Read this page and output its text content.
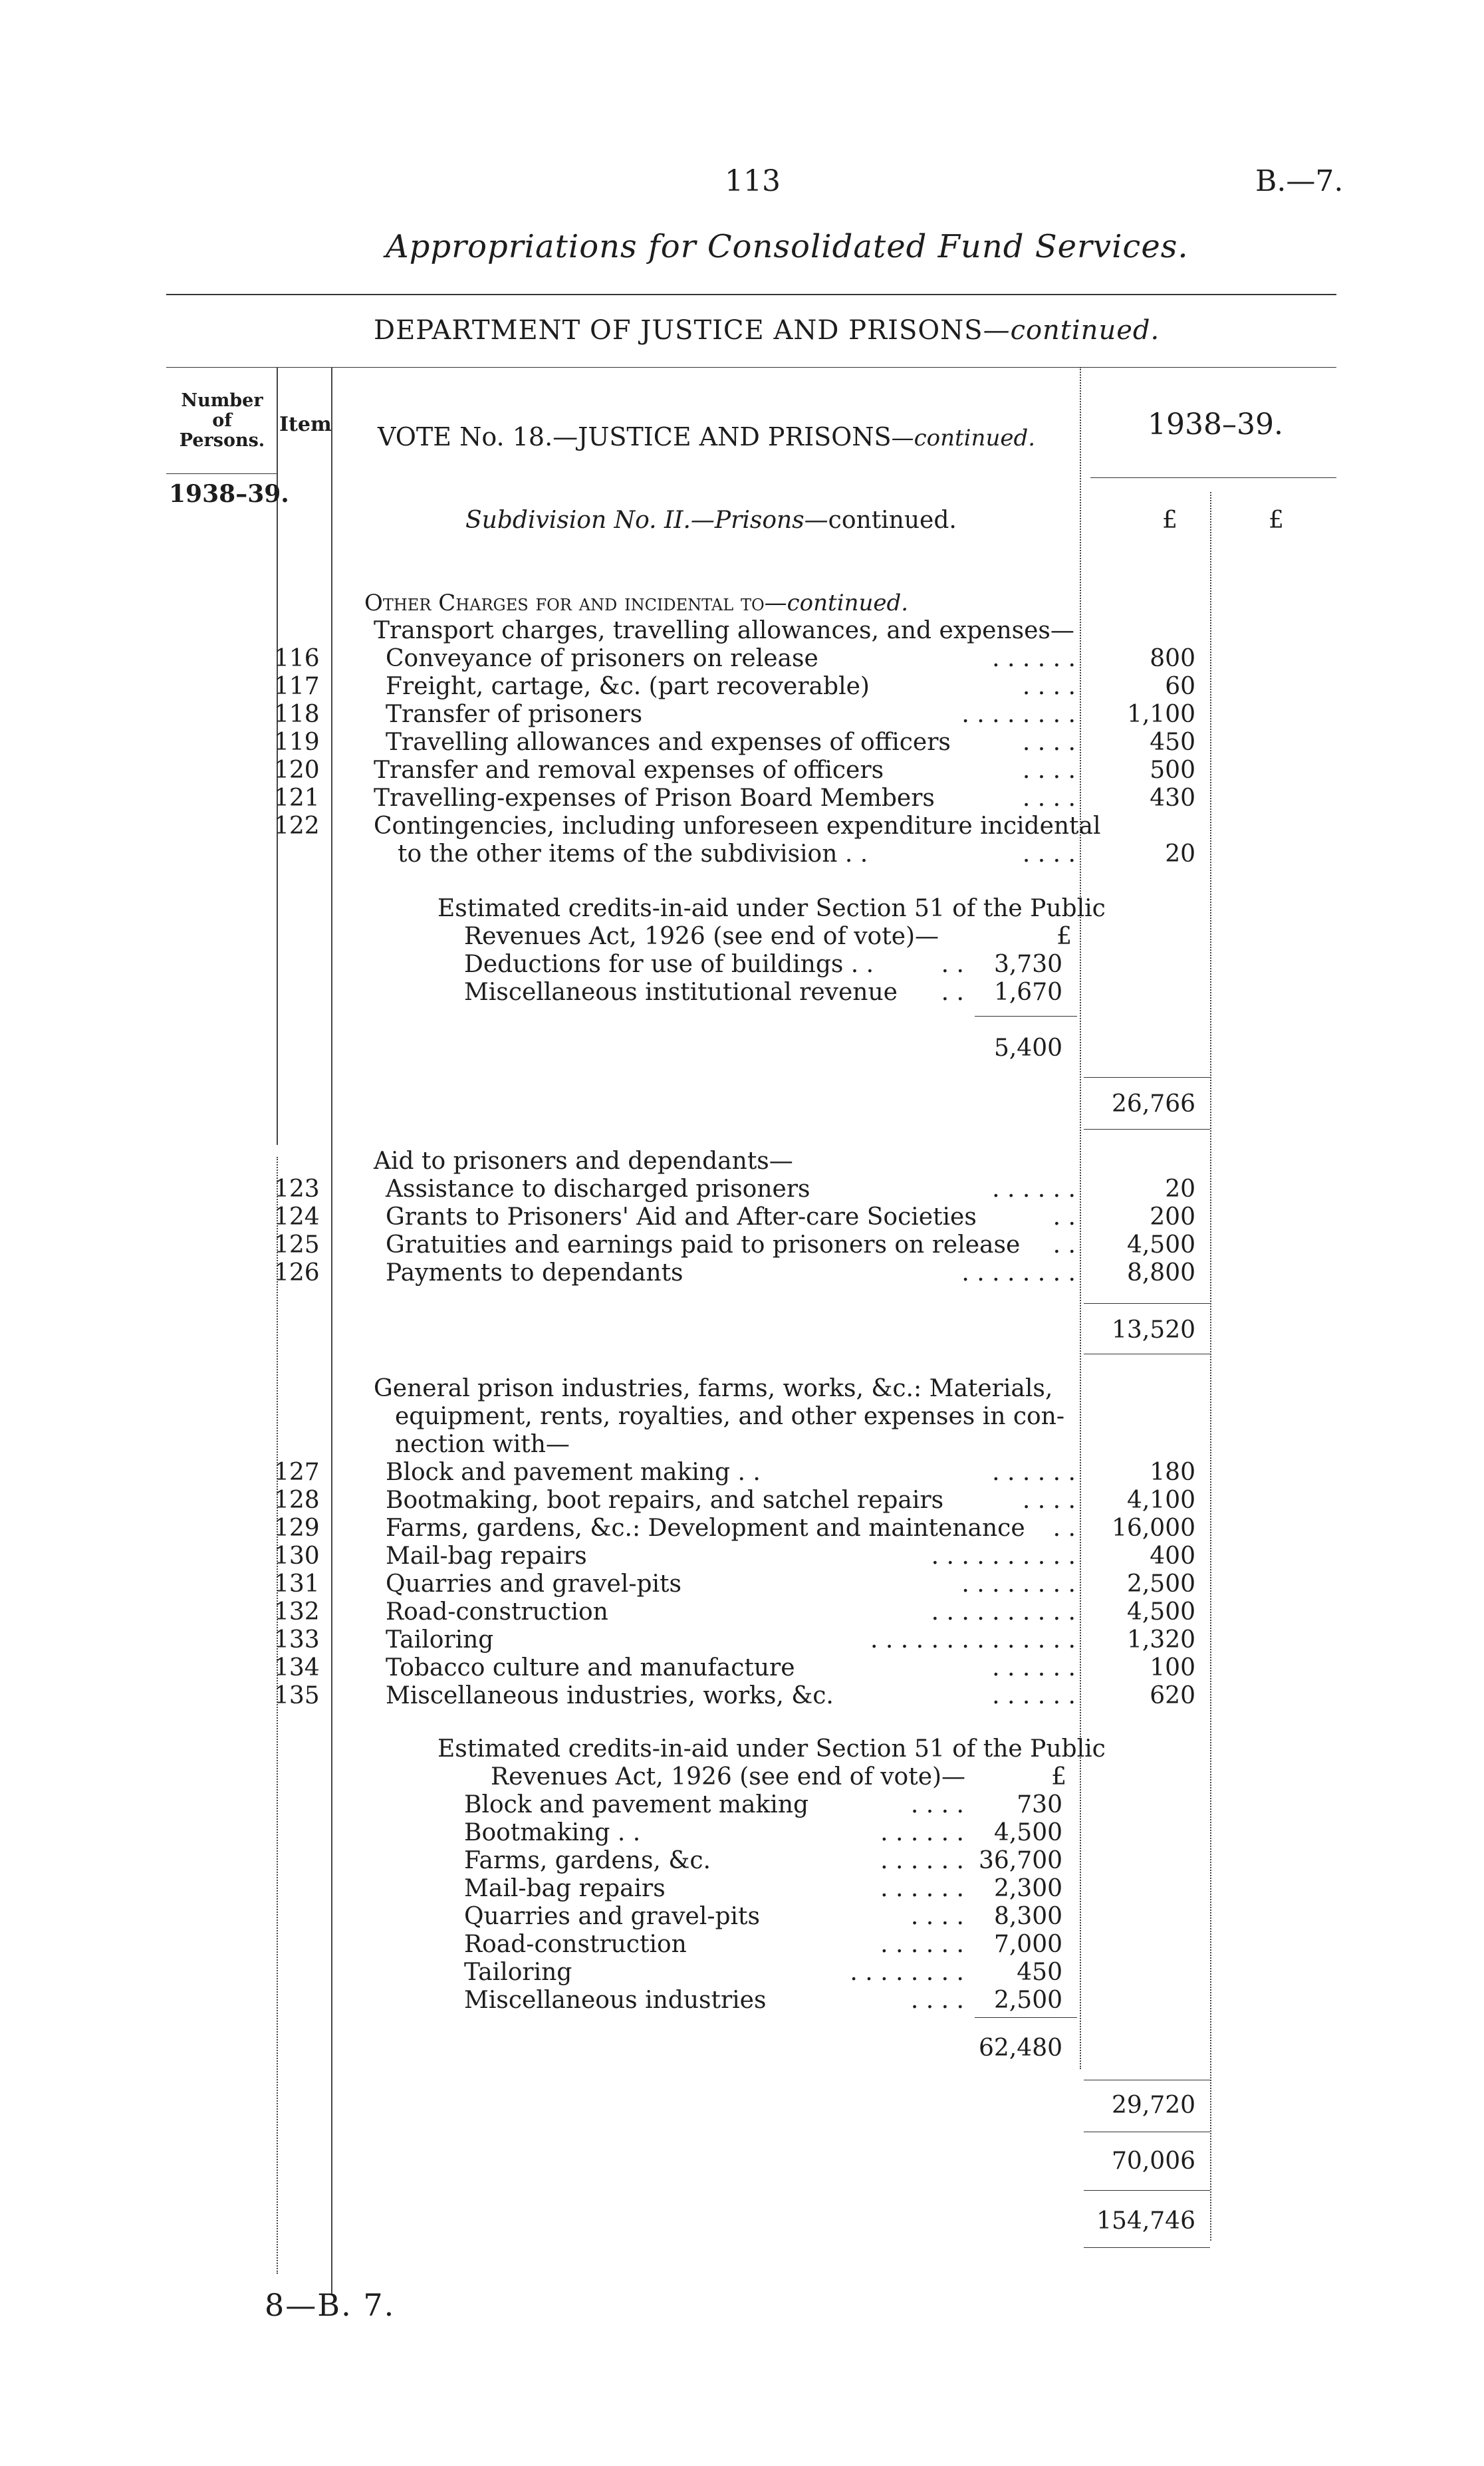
113	B.—7.
Appropriations for Consolidated Fund Services.
DEPARTMENT OF JUSTICE AND PRISONS—continued.
Number
of
Persons.
Item VOTE No. 18.—JUSTICE AND PRISONS—continued.	1938–39.
1938–39.
£	£
Subdivision No. II.—Prisons—continued.
Other Charges for and incidental to—continued.
Transport charges, travelling allowances, and expenses—
116	Conveyance of prisoners on release	. . . . . .	800
117	Freight, cartage, &c. (part recoverable)	. . . .	60
118	Transfer of prisoners	. . . . . . . .	1,100
119	Travelling allowances and expenses of officers	. . . .	450
120 Transfer and removal expenses of officers	. . . .	500
121 Travelling-expenses of Prison Board Members	. . . .	430
122 Contingencies, including unforeseen expenditure incidental
to the other items of the subdivision . .	. . . .	20
Estimated credits-in-aid under Section 51 of the Public
Revenues Act, 1926 (see end of vote)—	£
Deductions for use of buildings . .	. .	3,730
Miscellaneous institutional revenue	. .	1,670
5,400
26,766
Aid to prisoners and dependants—
123	Assistance to discharged prisoners	. . . . . .	20
124	Grants to Prisoners' Aid and After-care Societies	. .	200
125	Gratuities and earnings paid to prisoners on release	. .	4,500
126	Payments to dependants	. . . . . . . .	8,800
13,520
General prison industries, farms, works, &c.: Materials,
equipment, rents, royalties, and other expenses in con-
nection with—
127	Block and pavement making . .	. . . . . .	180
128	Bootmaking, boot repairs, and satchel repairs	. . . .	4,100
129	Farms, gardens, &c.: Development and maintenance	. .	16,000
130	Mail-bag repairs	. . . . . . . . . .	400
131	Quarries and gravel-pits	. . . . . . . .	2,500
132	Road-construction	. . . . . . . . . .	4,500
133	Tailoring	. . . . . . . . . . . . . .	1,320
134	Tobacco culture and manufacture	. . . . . .	100
135	Miscellaneous industries, works, &c.	. . . . . .	620
Estimated credits-in-aid under Section 51 of the Public
Revenues Act, 1926 (see end of vote)—	£
Block and pavement making	. . . .	730
Bootmaking . .	. . . . . .	4,500
Farms, gardens, &c.	. . . . . . 36,700
Mail-bag repairs	. . . . . .	2,300
Quarries and gravel-pits	. . . .	8,300
Road-construction	. . . . . .	7,000
Tailoring	. . . . . . . .	450
Miscellaneous industries	. . . .	2,500
62,480
29,720
70,006
154,746
8—B. 7.
